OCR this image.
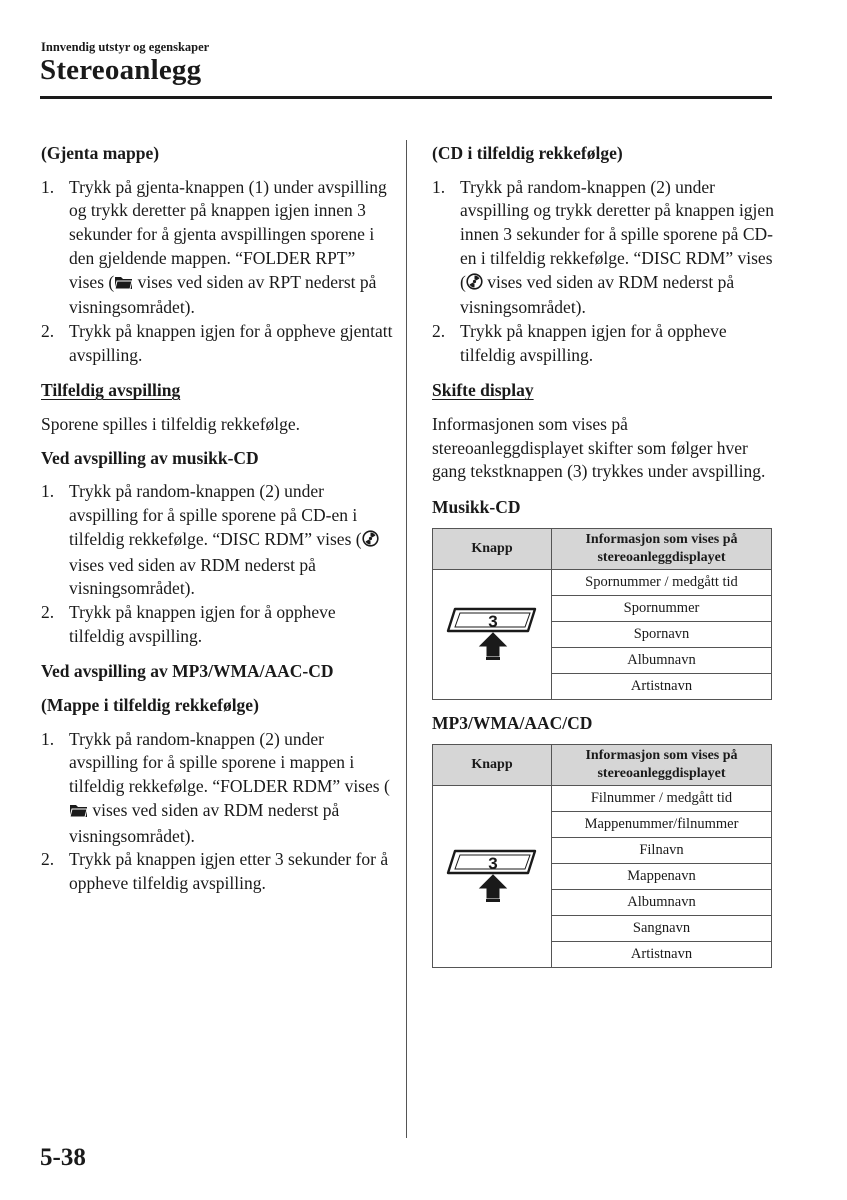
Innvendig utstyr og egenskaper
Stereoanlegg
(Gjenta mappe)
1. Trykk på gjenta-knappen (1) under avspilling og trykk deretter på knappen igjen innen 3 sekunder for å gjenta avspillingen sporene i den gjeldende mappen. “FOLDER RPT” vises ( vises ved siden av RPT nederst på visningsområdet).
2. Trykk på knappen igjen for å oppheve gjentatt avspilling.
Tilfeldig avspilling
Sporene spilles i tilfeldig rekkefølge.
Ved avspilling av musikk-CD
1. Trykk på random-knappen (2) under avspilling for å spille sporene på CD-en i tilfeldig rekkefølge. “DISC RDM” vises ( vises ved siden av RDM nederst på visningsområdet).
2. Trykk på knappen igjen for å oppheve tilfeldig avspilling.
Ved avspilling av MP3/WMA/AAC-CD
(Mappe i tilfeldig rekkefølge)
1. Trykk på random-knappen (2) under avspilling for å spille sporene i mappen i tilfeldig rekkefølge. “FOLDER RDM” vises ( vises ved siden av RDM nederst på visningsområdet).
2. Trykk på knappen igjen etter 3 sekunder for å oppheve tilfeldig avspilling.
(CD i tilfeldig rekkefølge)
1. Trykk på random-knappen (2) under avspilling og trykk deretter på knappen igjen innen 3 sekunder for å spille sporene på CD-en i tilfeldig rekkefølge. “DISC RDM” vises ( vises ved siden av RDM nederst på visningsområdet).
2. Trykk på knappen igjen for å oppheve tilfeldig avspilling.
Skifte display
Informasjonen som vises på stereoanleggdisplayet skifter som følger hver gang tekstknappen (3) trykkes under avspilling.
Musikk-CD
Knapp	Informasjon som vises på stereoanleggdisplayet

3	Spornummer / medgått tid
	Spornummer
	Spornavn
	Albumnavn
	Artistnavn
MP3/WMA/AAC/CD
Knapp	Informasjon som vises på stereoanleggdisplayet

3	Filnummer / medgått tid
	Mappenummer/filnummer
	Filnavn
	Mappenavn
	Albumnavn
	Sangnavn
	Artistnavn
5-38
